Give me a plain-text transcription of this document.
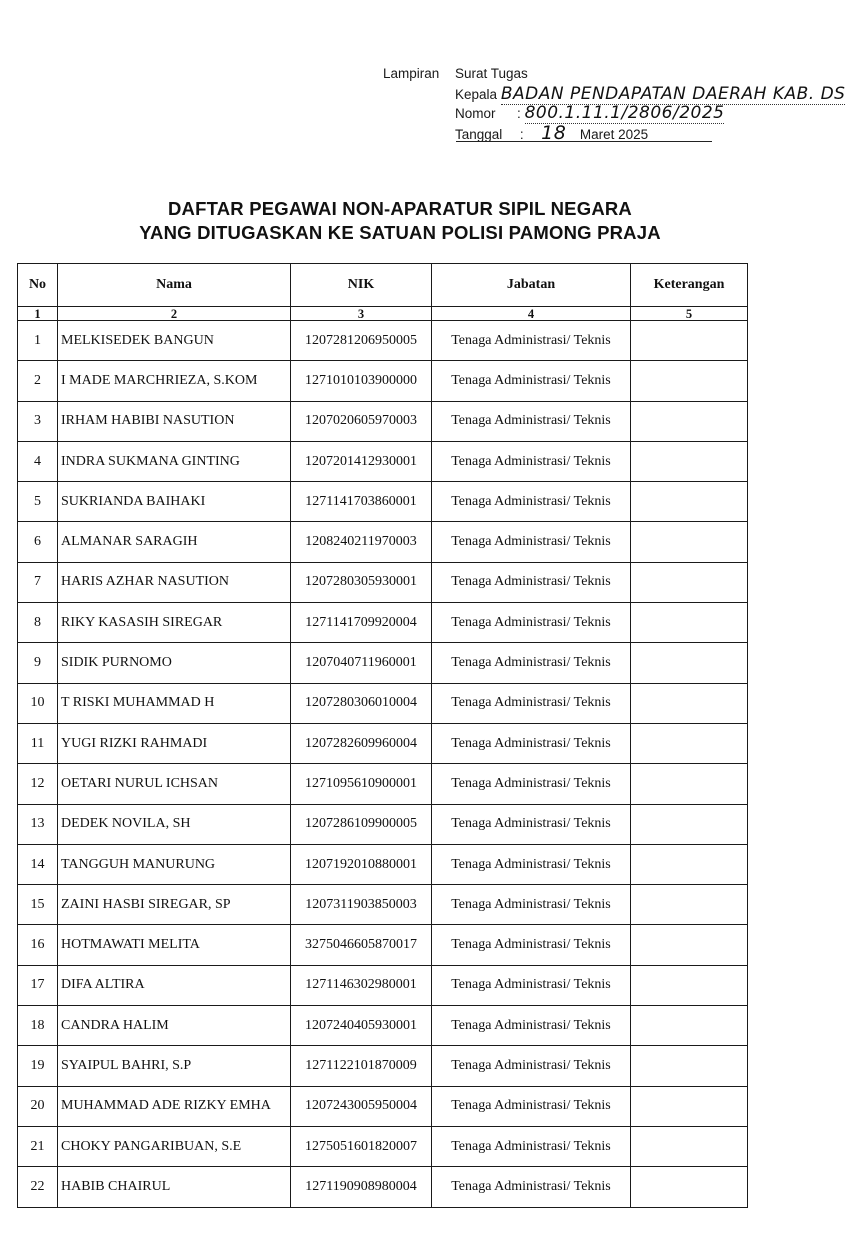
Lampiran Surat Tugas
Kepala BADAN PENDAPATAN DAERAH KAB. DS
Nomor : 800.1.11.1/2806/2025
Tanggal : 18 Maret 2025
DAFTAR PEGAWAI NON-APARATUR SIPIL NEGARA
YANG DITUGASKAN KE SATUAN POLISI PAMONG PRAJA
No	Nama	NIK	Jabatan	Keterangan
1	2	3	4	5
1	MELKISEDEK BANGUN	1207281206950005	Tenaga Administrasi/ Teknis	
2	I MADE MARCHRIEZA, S.KOM	1271010103900000	Tenaga Administrasi/ Teknis	
3	IRHAM HABIBI NASUTION	1207020605970003	Tenaga Administrasi/ Teknis	
4	INDRA SUKMANA GINTING	1207201412930001	Tenaga Administrasi/ Teknis	
5	SUKRIANDA BAIHAKI	1271141703860001	Tenaga Administrasi/ Teknis	
6	ALMANAR SARAGIH	1208240211970003	Tenaga Administrasi/ Teknis	
7	HARIS AZHAR NASUTION	1207280305930001	Tenaga Administrasi/ Teknis	
8	RIKY KASASIH SIREGAR	1271141709920004	Tenaga Administrasi/ Teknis	
9	SIDIK PURNOMO	1207040711960001	Tenaga Administrasi/ Teknis	
10	T RISKI MUHAMMAD H	1207280306010004	Tenaga Administrasi/ Teknis	
11	YUGI RIZKI RAHMADI	1207282609960004	Tenaga Administrasi/ Teknis	
12	OETARI NURUL ICHSAN	1271095610900001	Tenaga Administrasi/ Teknis	
13	DEDEK NOVILA, SH	1207286109900005	Tenaga Administrasi/ Teknis	
14	TANGGUH MANURUNG	1207192010880001	Tenaga Administrasi/ Teknis	
15	ZAINI HASBI SIREGAR, SP	1207311903850003	Tenaga Administrasi/ Teknis	
16	HOTMAWATI MELITA	3275046605870017	Tenaga Administrasi/ Teknis	
17	DIFA ALTIRA	1271146302980001	Tenaga Administrasi/ Teknis	
18	CANDRA HALIM	1207240405930001	Tenaga Administrasi/ Teknis	
19	SYAIPUL BAHRI, S.P	1271122101870009	Tenaga Administrasi/ Teknis	
20	MUHAMMAD ADE RIZKY EMHA	1207243005950004	Tenaga Administrasi/ Teknis	
21	CHOKY PANGARIBUAN, S.E	1275051601820007	Tenaga Administrasi/ Teknis	
22	HABIB CHAIRUL	1271190908980004	Tenaga Administrasi/ Teknis	
